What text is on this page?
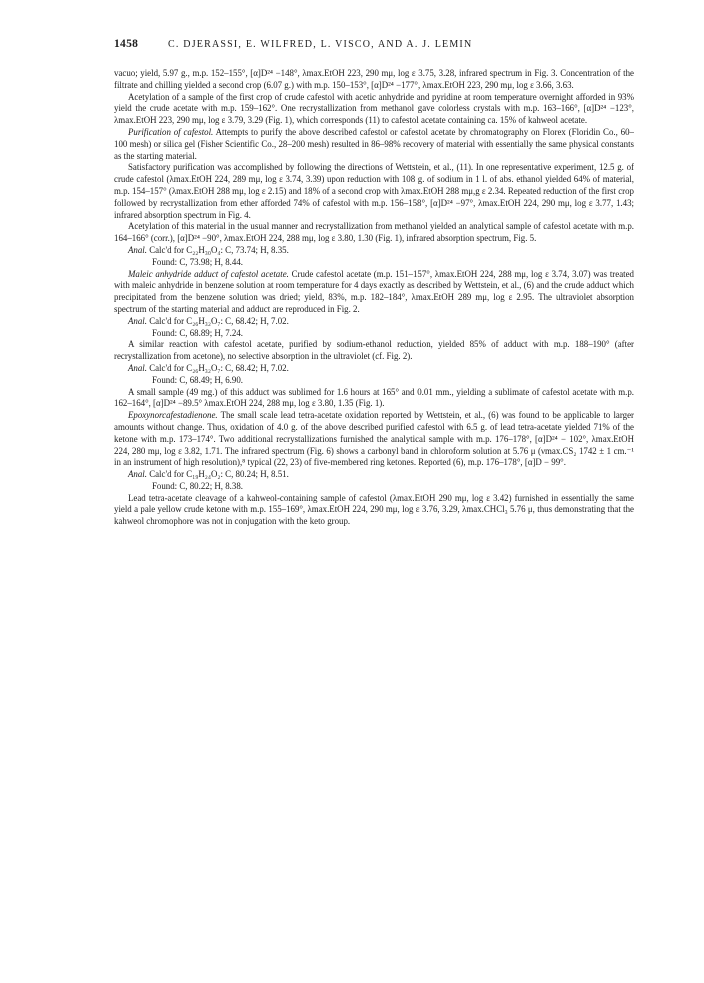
1458	C. DJERASSI, E. WILFRED, L. VISCO, AND A. J. LEMIN

vacuo; yield, 5.97 g., m.p. 152–155°, [α]D²⁴ −148°, λmax.EtOH 223, 290 mμ, log ε 3.75, 3.28, infrared spectrum in Fig. 3. Concentration of the filtrate and chilling yielded a second crop (6.07 g.) with m.p. 150–153°, [α]D²⁴ −177°, λmax.EtOH 223, 290 mμ, log ε 3.66, 3.63.

Acetylation of a sample of the first crop of crude cafestol with acetic anhydride and pyridine at room temperature overnight afforded in 93% yield the crude acetate with m.p. 159–162°. One recrystallization from methanol gave colorless crystals with m.p. 163–166°, [α]D²⁴ −123°, λmax.EtOH 223, 290 mμ, log ε 3.79, 3.29 (Fig. 1), which corresponds (11) to cafestol acetate containing ca. 15% of kahweol acetate.

Purification of cafestol. Attempts to purify the above described cafestol or cafestol acetate by chromatography on Florex (Floridin Co., 60–100 mesh) or silica gel (Fisher Scientific Co., 28–200 mesh) resulted in 86–98% recovery of material with essentially the same physical constants as the starting material.

Satisfactory purification was accomplished by following the directions of Wettstein, et al., (11). In one representative experiment, 12.5 g. of crude cafestol (λmax.EtOH 224, 289 mμ, log ε 3.74, 3.39) upon reduction with 108 g. of sodium in 1 l. of abs. ethanol yielded 64% of material, m.p. 154–157° (λmax.EtOH 288 mμ, log ε 2.15) and 18% of a second crop with λmax.EtOH 288 mμ,g ε 2.34. Repeated reduction of the first crop followed by recrystallization from ether afforded 74% of cafestol with m.p. 156–158°, [α]D²⁴ −97°, λmax.EtOH 224, 290 mμ, log ε 3.77, 1.43; infrared absorption spectrum in Fig. 4.

Acetylation of this material in the usual manner and recrystallization from methanol yielded an analytical sample of cafestol acetate with m.p. 164–166° (corr.), [α]D²⁴ −90°, λmax.EtOH 224, 288 mμ, log ε 3.80, 1.30 (Fig. 1), infrared absorption spectrum, Fig. 5.

Anal. Calc'd for C₂₂H₃₀O₄: C, 73.74; H, 8.35.

Found: C, 73.98; H, 8.44.

Maleic anhydride adduct of cafestol acetate. Crude cafestol acetate (m.p. 151–157°, λmax.EtOH 224, 288 mμ, log ε 3.74, 3.07) was treated with maleic anhydride in benzene solution at room temperature for 4 days exactly as described by Wettstein, et al., (6) and the crude adduct which precipitated from the benzene solution was dried; yield, 83%, m.p. 182–184°, λmax.EtOH 289 mμ, log ε 2.95. The ultraviolet absorption spectrum of the starting material and adduct are reproduced in Fig. 2.

Anal. Calc'd for C₂₆H₃₂O₇: C, 68.42; H, 7.02.

Found: C, 68.89; H, 7.24.

A similar reaction with cafestol acetate, purified by sodium-ethanol reduction, yielded 85% of adduct with m.p. 188–190° (after recrystallization from acetone), no selective absorption in the ultraviolet (cf. Fig. 2).

Anal. Calc'd for C₂₆H₃₂O₇: C, 68.42; H, 7.02.

Found: C, 68.49; H, 6.90.

A small sample (49 mg.) of this adduct was sublimed for 1.6 hours at 165° and 0.01 mm., yielding a sublimate of cafestol acetate with m.p. 162–164°, [α]D²⁴ −89.5° λmax.EtOH 224, 288 mμ, log ε 3.80, 1.35 (Fig. 1).

Epoxynorcafestadienone. The small scale lead tetra-acetate oxidation reported by Wettstein, et al., (6) was found to be applicable to larger amounts without change. Thus, oxidation of 4.0 g. of the above described purified cafestol with 6.5 g. of lead tetra-acetate yielded 71% of the ketone with m.p. 173–174°. Two additional recrystallizations furnished the analytical sample with m.p. 176–178°, [α]D²⁴ − 102°, λmax.EtOH 224, 280 mμ, log ε 3.82, 1.71. The infrared spectrum (Fig. 6) shows a carbonyl band in chloroform solution at 5.76 μ (νmax.CS₂ 1742 ± 1 cm.⁻¹ in an instrument of high resolution),⁸ typical (22, 23) of five-membered ring ketones. Reported (6), m.p. 176–178°, [α]D − 99°.

Anal. Calc'd for C₁₉H₂₄O₂: C, 80.24; H, 8.51.

Found: C, 80.22; H, 8.38.

Lead tetra-acetate cleavage of a kahweol-containing sample of cafestol (λmax.EtOH 290 mμ, log ε 3.42) furnished in essentially the same yield a pale yellow crude ketone with m.p. 155–169°, λmax.EtOH 224, 290 mμ, log ε 3.76, 3.29, λmax.CHCl₃ 5.76 μ, thus demonstrating that the kahweol chromophore was not in conjugation with the keto group.
